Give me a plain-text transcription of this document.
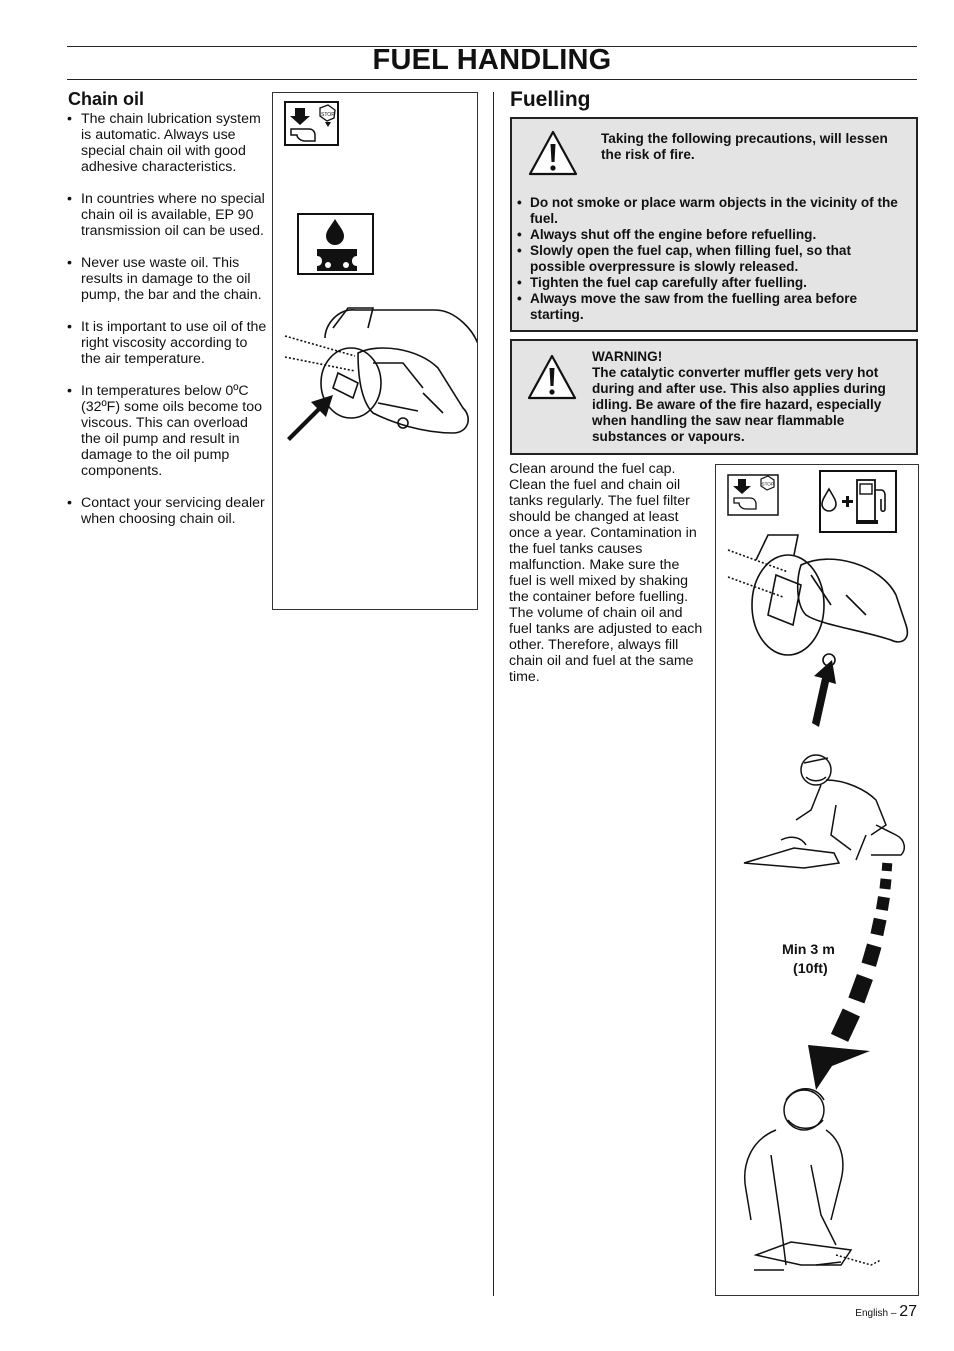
FUEL HANDLING
Chain oil
• The chain lubrication system is automatic. Always use special chain oil with good adhesive characteristics.
• In countries where no special chain oil is available, EP 90 transmission oil can be used.
• Never use waste oil. This results in damage to the oil pump, the bar and the chain.
• It is important to use oil of the right viscosity according to the air temperature.
• In temperatures below 0ºC (32ºF) some oils become too viscous. This can overload the oil pump and result in damage to the oil pump components.
• Contact your servicing dealer when choosing chain oil.
STOP
Fuelling
Taking the following precautions, will lessen the risk of fire.
• Do not smoke or place warm objects in the vicinity of the fuel.
• Always shut off the engine before refuelling.
• Slowly open the fuel cap, when filling fuel, so that possible overpressure is slowly released.
• Tighten the fuel cap carefully after fuelling.
• Always move the saw from the fuelling area before starting.
WARNING!
The catalytic converter muffler gets very hot during and after use. This also applies during idling. Be aware of the fire hazard, especially when handling the saw near flammable substances or vapours.
Clean around the fuel cap. Clean the fuel and chain oil tanks regularly. The fuel filter should be changed at least once a year. Contamination in the fuel tanks causes malfunction. Make sure the fuel is well mixed by shaking the container before fuelling. The volume of chain oil and fuel tanks are adjusted to each other. Therefore, always fill chain oil and fuel at the same time.
STOP
Min 3 m
(10ft)
English – 27
